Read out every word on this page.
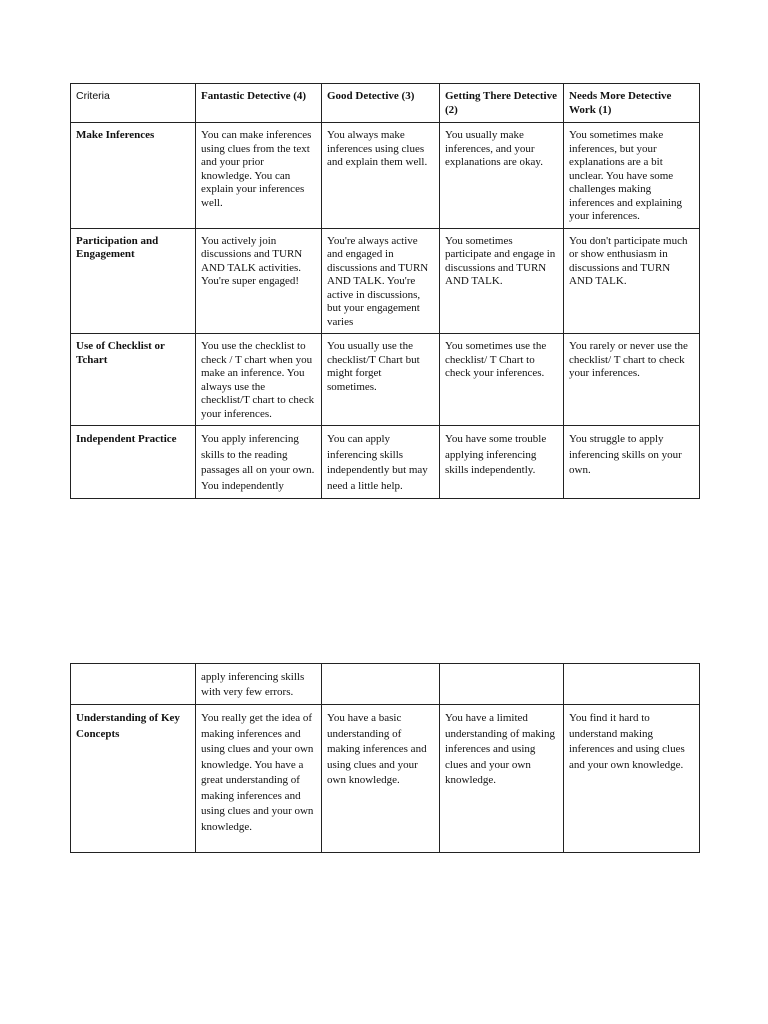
Criteria	Fantastic Detective (4)	Good Detective (3)	Getting There Detective (2)	Needs More Detective Work (1)
Make Inferences	You can make inferences using clues from the text and your prior knowledge. You can explain your inferences well.	You always make inferences using clues and explain them well.	You usually make inferences, and your explanations are okay.	You sometimes make inferences, but your explanations are a bit unclear. You have some challenges making inferences and explaining your inferences.
Participation and Engagement	You actively join discussions and TURN AND TALK activities. You're super engaged!	You're always active and engaged in discussions and TURN AND TALK. You're active in discussions, but your engagement varies	You sometimes participate and engage in discussions and TURN AND TALK.	You don't participate much or show enthusiasm in discussions and TURN AND TALK.
Use of Checklist or Tchart	You use the checklist to check / T chart when you make an inference. You always use the checklist/T chart to check your inferences.	You usually use the checklist/T Chart but might forget sometimes.	You sometimes use the checklist/ T Chart to check your inferences.	You rarely or never use the checklist/ T chart to check your inferences.
Independent Practice	You apply inferencing skills to the reading passages all on your own. You independently	You can apply inferencing skills independently but may need a little help.	You have some trouble applying inferencing skills independently.	You struggle to apply inferencing skills on your own.
	apply inferencing skills with very few errors.			
Understanding of Key Concepts	You really get the idea of making inferences and using clues and your own knowledge. You have a great understanding of making inferences and using clues and your own knowledge.	You have a basic understanding of making inferences and using clues and your own knowledge.	You have a limited understanding of making inferences and using clues and your own knowledge.	You find it hard to understand making inferences and using clues and your own knowledge.
